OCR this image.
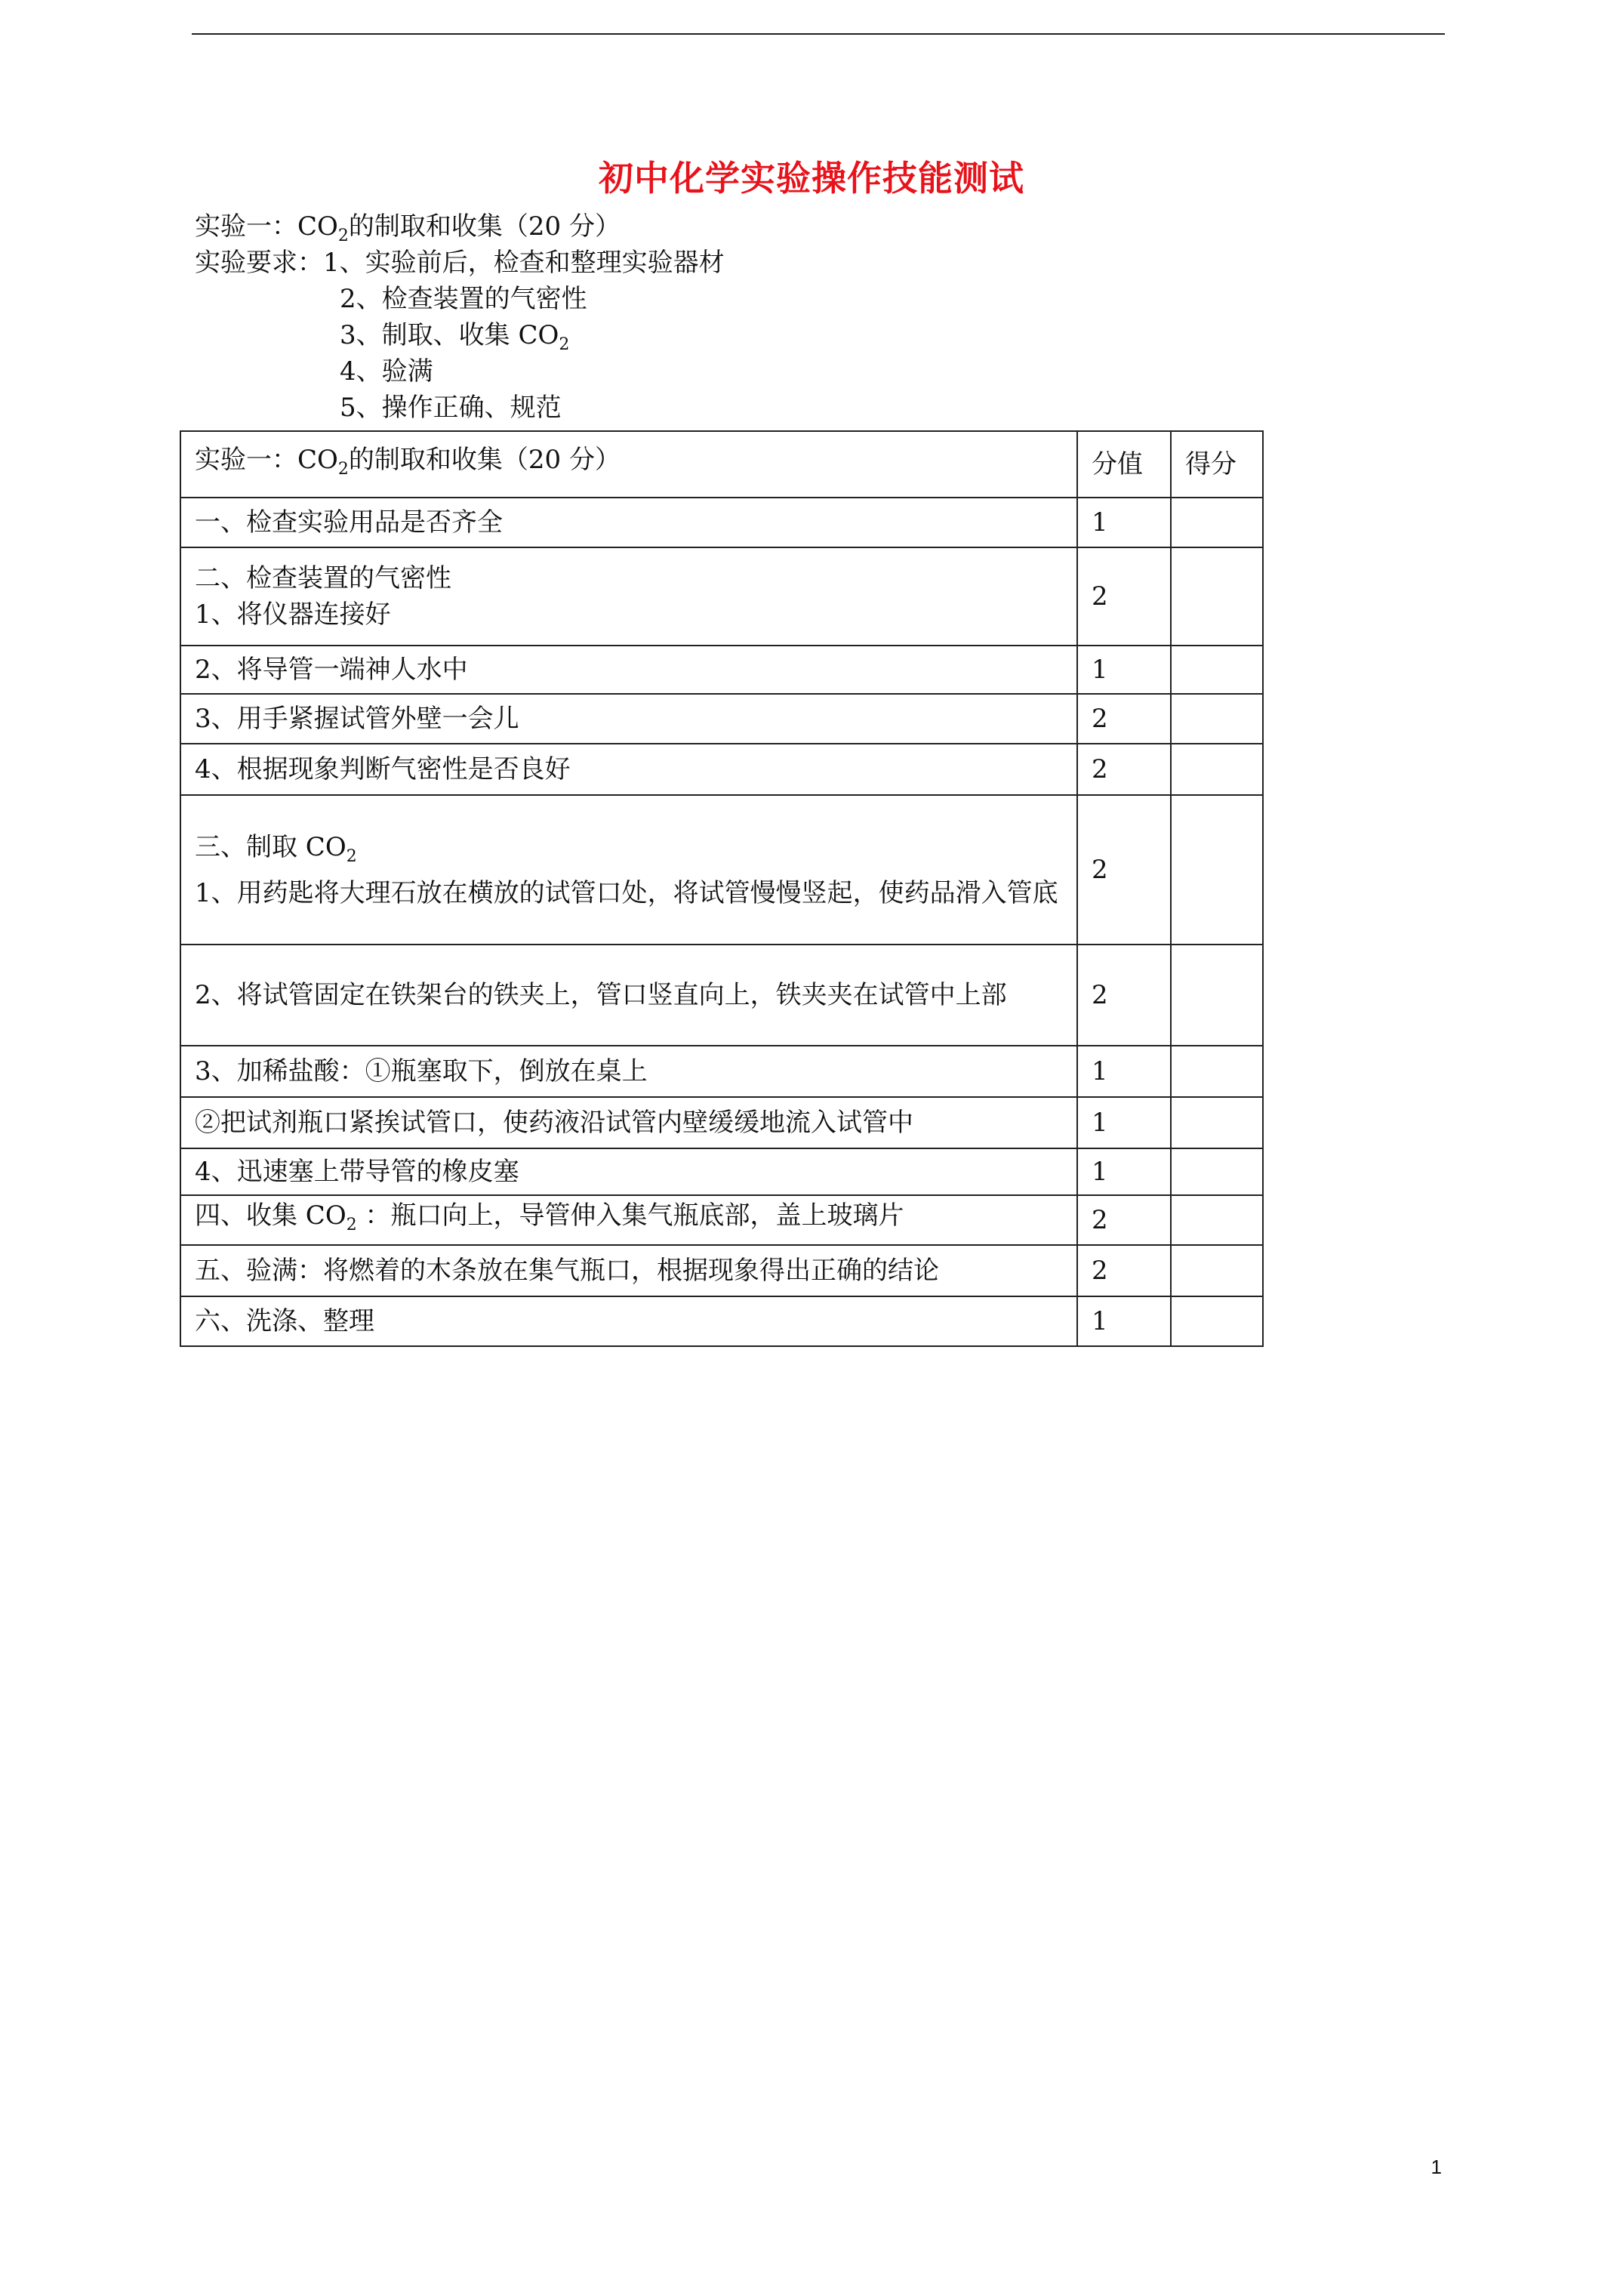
初中化学实验操作技能测试
实验一：$CO_2$的制取和收集（20 分）
实验要求：1、实验前后，检查和整理实验器材
2、检查装置的气密性
3、制取、收集 $CO_2$
4、验满
5、操作正确、规范
实验一：$CO_2$的制取和收集（20 分）	分值	得分
一、检查实验用品是否齐全	1	

二、检查装置的气密性
1、将仪器连接好	2	
2、将导管一端神人水中	1	
3、用手紧握试管外壁一会儿	2	
4、根据现象判断气密性是否良好	2	

三、制取 $CO_2$
1、用药匙将大理石放在横放的试管口处，将试管慢慢竖起，使药品滑入管底	2	
2、将试管固定在铁架台的铁夹上，管口竖直向上，铁夹夹在试管中上部	2	
3、加稀盐酸：①瓶塞取下，倒放在桌上	1	
②把试剂瓶口紧挨试管口，使药液沿试管内壁缓缓地流入试管中	1	
4、迅速塞上带导管的橡皮塞	1	
四、收集 $CO_2$ ：瓶口向上，导管伸入集气瓶底部，盖上玻璃片	2	
五、验满：将燃着的木条放在集气瓶口，根据现象得出正确的结论	2	
六、洗涤、整理	1	
1
